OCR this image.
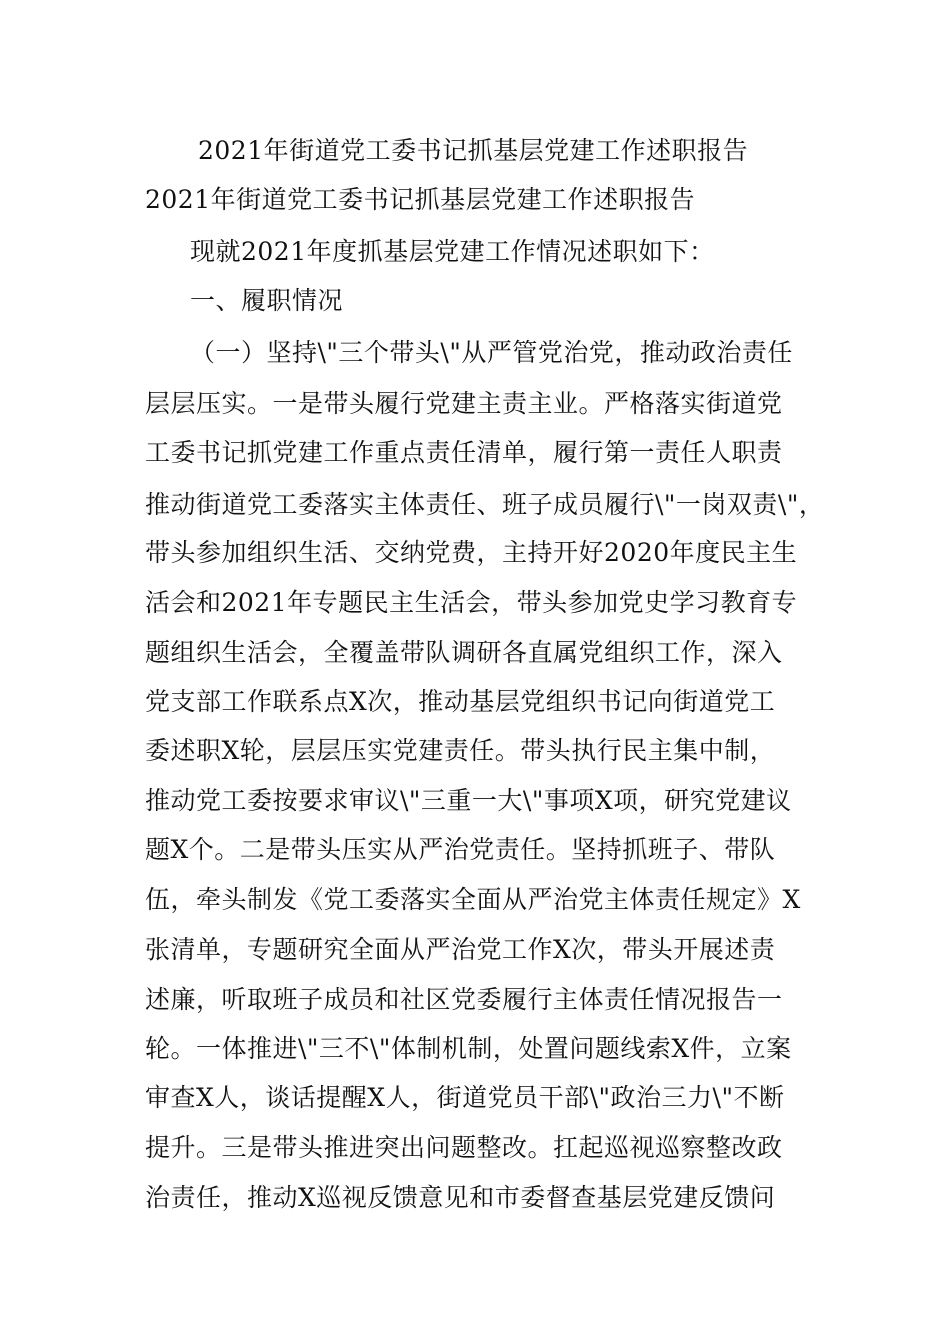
2021年街道党工委书记抓基层党建工作述职报告
2021年街道党工委书记抓基层党建工作述职报告
现就2021年度抓基层党建工作情况述职如下：
一、履职情况
（一）坚持\"三个带头\"从严管党治党，推动政治责任
层层压实。一是带头履行党建主责主业。严格落实街道党
工委书记抓党建工作重点责任清单，履行第一责任人职责
推动街道党工委落实主体责任、班子成员履行\"一岗双责\"，
带头参加组织生活、交纳党费，主持开好2020年度民主生
活会和2021年专题民主生活会，带头参加党史学习教育专
题组织生活会，全覆盖带队调研各直属党组织工作，深入
党支部工作联系点X次，推动基层党组织书记向街道党工
委述职X轮，层层压实党建责任。带头执行民主集中制，
推动党工委按要求审议\"三重一大\"事项X项，研究党建议
题X个。二是带头压实从严治党责任。坚持抓班子、带队
伍，牵头制发《党工委落实全面从严治党主体责任规定》X
张清单，专题研究全面从严治党工作X次，带头开展述责
述廉，听取班子成员和社区党委履行主体责任情况报告一
轮。一体推进\"三不\"体制机制，处置问题线索X件，立案
审查X人，谈话提醒X人，街道党员干部\"政治三力\"不断
提升。三是带头推进突出问题整改。扛起巡视巡察整改政
治责任，推动X巡视反馈意见和市委督查基层党建反馈问
